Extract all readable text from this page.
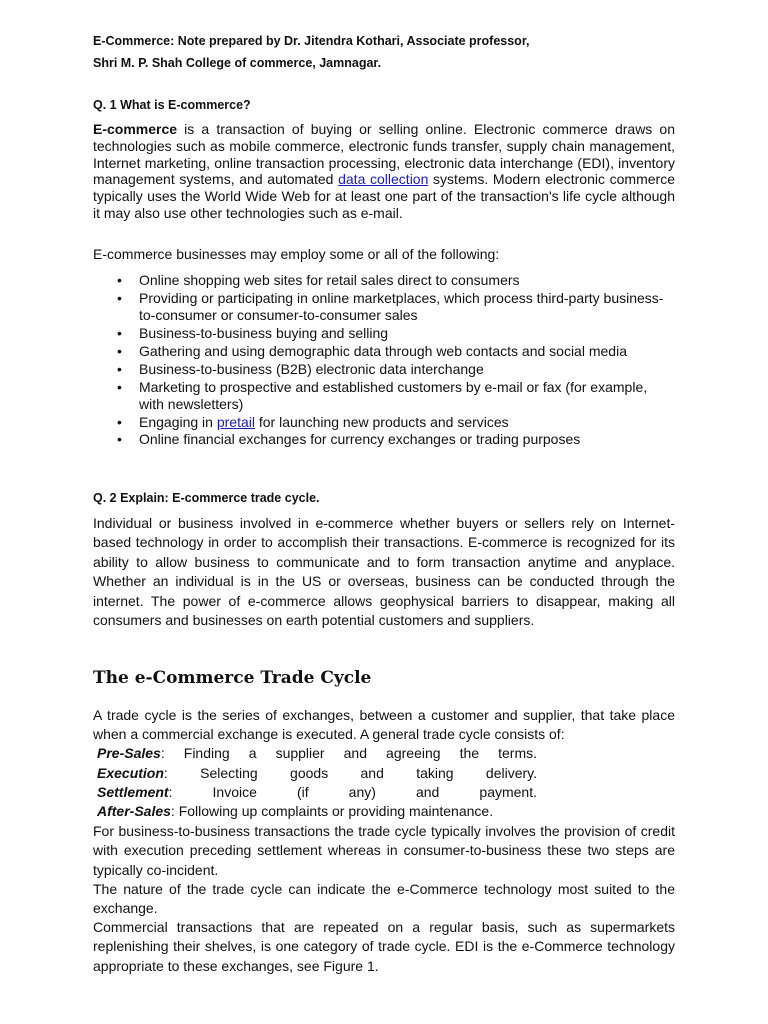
E-Commerce: Note prepared by Dr. Jitendra Kothari, Associate professor,
Shri M. P. Shah College of commerce, Jamnagar.
Q. 1 What is E-commerce?
E-commerce is a transaction of buying or selling online. Electronic commerce draws on technologies such as mobile commerce, electronic funds transfer, supply chain management, Internet marketing, online transaction processing, electronic data interchange (EDI), inventory management systems, and automated data collection systems. Modern electronic commerce typically uses the World Wide Web for at least one part of the transaction's life cycle although it may also use other technologies such as e-mail.
E-commerce businesses may employ some or all of the following:
• Online shopping web sites for retail sales direct to consumers
• Providing or participating in online marketplaces, which process third-party business-to-consumer or consumer-to-consumer sales
• Business-to-business buying and selling
• Gathering and using demographic data through web contacts and social media
• Business-to-business (B2B) electronic data interchange
• Marketing to prospective and established customers by e-mail or fax (for example, with newsletters)
• Engaging in pretail for launching new products and services
• Online financial exchanges for currency exchanges or trading purposes
Q. 2 Explain: E-commerce trade cycle.
Individual or business involved in e-commerce whether buyers or sellers rely on Internet-based technology in order to accomplish their transactions. E-commerce is recognized for its ability to allow business to communicate and to form transaction anytime and anyplace. Whether an individual is in the US or overseas, business can be conducted through the internet. The power of e-commerce allows geophysical barriers to disappear, making all consumers and businesses on earth potential customers and suppliers.
The e-Commerce Trade Cycle
A trade cycle is the series of exchanges, between a customer and supplier, that take place when a commercial exchange is executed. A general trade cycle consists of:
Pre-Sales: Finding a supplier and agreeing the terms.
Execution: Selecting goods and taking delivery.
Settlement: Invoice (if any) and payment.
After-Sales: Following up complaints or providing maintenance.
For business-to-business transactions the trade cycle typically involves the provision of credit with execution preceding settlement whereas in consumer-to-business these two steps are typically co-incident.
The nature of the trade cycle can indicate the e-Commerce technology most suited to the exchange.
Commercial transactions that are repeated on a regular basis, such as supermarkets replenishing their shelves, is one category of trade cycle. EDI is the e-Commerce technology appropriate to these exchanges, see Figure 1.
